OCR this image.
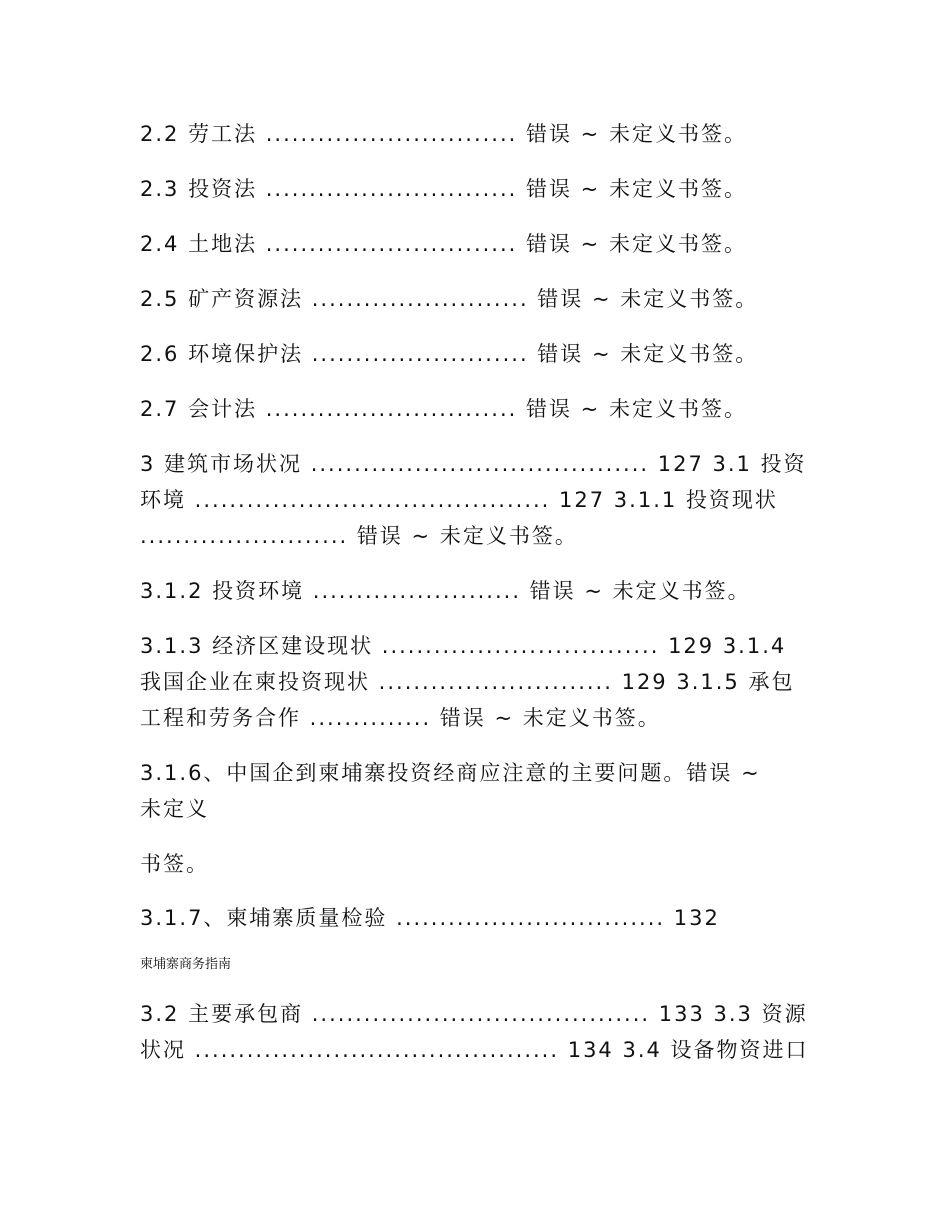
2.2 劳工法 ............................. 错误 ~ 未定义书签。
2.3 投资法 ............................. 错误 ~ 未定义书签。
2.4 土地法 ............................. 错误 ~ 未定义书签。
2.5 矿产资源法 ......................... 错误 ~ 未定义书签。
2.6 环境保护法 ......................... 错误 ~ 未定义书签。
2.7 会计法 ............................. 错误 ~ 未定义书签。
3 建筑市场状况 ....................................... 127 3.1 投资
环境 ......................................... 127 3.1.1 投资现状
........................ 错误 ~ 未定义书签。
3.1.2 投资环境 ........................ 错误 ~ 未定义书签。
3.1.3 经济区建设现状 ................................ 129 3.1.4
我国企业在柬投资现状 ........................... 129 3.1.5 承包
工程和劳务合作 .............. 错误 ~ 未定义书签。
3.1.6、中国企到柬埔寨投资经商应注意的主要问题。错误 ~
未定义
书签。
3.1.7、柬埔寨质量检验 ............................... 132
柬埔寨商务指南
3.2 主要承包商 ....................................... 133 3.3 资源
状况 .......................................... 134 3.4 设备物资进口
